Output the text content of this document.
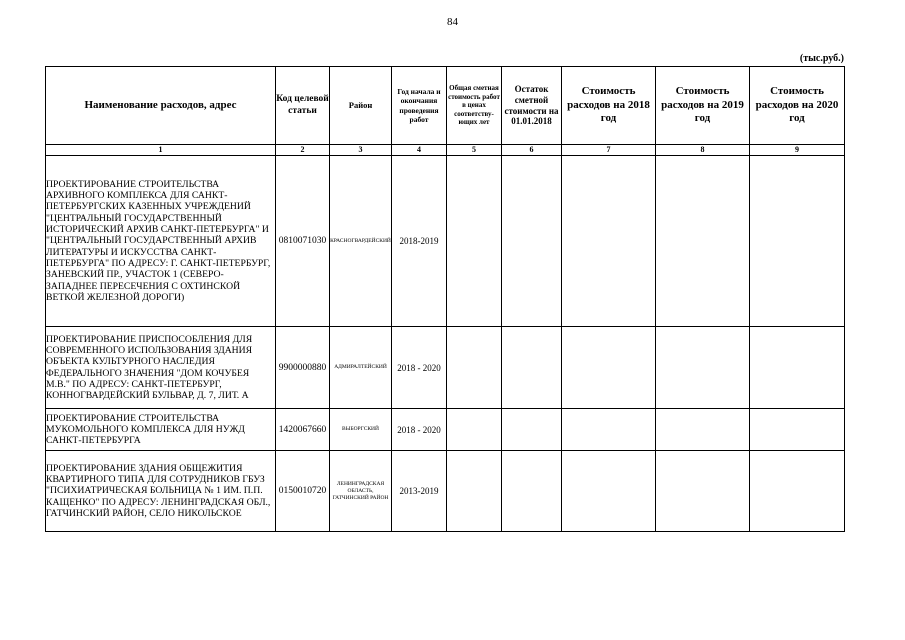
84
(тыс.руб.)
Наименование расходов, адрес	Код целевой статьи	Район	Год начала и окончания проведения работ	Общая сметная стоимость работ в ценах соответству-ющих лет	Остаток сметной стоимости на 01.01.2018	Стоимость расходов на 2018 год	Стоимость расходов на 2019 год	Стоимость расходов на 2020 год
1	2	3	4	5	6	7	8	9
ПРОЕКТИРОВАНИЕ СТРОИТЕЛЬСТВА АРХИВНОГО КОМПЛЕКСА ДЛЯ САНКТ-ПЕТЕРБУРГСКИХ КАЗЕННЫХ УЧРЕЖДЕНИЙ "ЦЕНТРАЛЬНЫЙ ГОСУДАРСТВЕННЫЙ ИСТОРИЧЕСКИЙ АРХИВ САНКТ-ПЕТЕРБУРГА" И "ЦЕНТРАЛЬНЫЙ ГОСУДАРСТВЕННЫЙ АРХИВ ЛИТЕРАТУРЫ И ИСКУССТВА САНКТ-ПЕТЕРБУРГА" ПО АДРЕСУ: Г. САНКТ-ПЕТЕРБУРГ, ЗАНЕВСКИЙ ПР., УЧАСТОК 1 (СЕВЕРО-ЗАПАДНЕЕ ПЕРЕСЕЧЕНИЯ С ОХТИНСКОЙ ВЕТКОЙ ЖЕЛЕЗНОЙ ДОРОГИ)	0810071030	КРАСНОГВАРДЕЙСКИЙ	2018-2019					
ПРОЕКТИРОВАНИЕ ПРИСПОСОБЛЕНИЯ ДЛЯ СОВРЕМЕННОГО ИСПОЛЬЗОВАНИЯ ЗДАНИЯ ОБЪЕКТА КУЛЬТУРНОГО НАСЛЕДИЯ ФЕДЕРАЛЬНОГО ЗНАЧЕНИЯ "ДОМ КОЧУБЕЯ М.В." ПО АДРЕСУ: САНКТ-ПЕТЕРБУРГ, КОННОГВАРДЕЙСКИЙ БУЛЬВАР, Д. 7, ЛИТ. А	9900000880	АДМИРАЛТЕЙСКИЙ	2018 - 2020					
ПРОЕКТИРОВАНИЕ СТРОИТЕЛЬСТВА МУКОМОЛЬНОГО КОМПЛЕКСА ДЛЯ НУЖД САНКТ-ПЕТЕРБУРГА	1420067660	ВЫБОРГСКИЙ	2018 - 2020					
ПРОЕКТИРОВАНИЕ ЗДАНИЯ ОБЩЕЖИТИЯ КВАРТИРНОГО ТИПА ДЛЯ СОТРУДНИКОВ ГБУЗ "ПСИХИАТРИЧЕСКАЯ БОЛЬНИЦА № 1 ИМ. П.П. КАЩЕНКО" ПО АДРЕСУ: ЛЕНИНГРАДСКАЯ ОБЛ., ГАТЧИНСКИЙ РАЙОН, СЕЛО НИКОЛЬСКОЕ	0150010720	ЛЕНИНГРАДСКАЯ ОБЛАСТЬ, ГАТЧИНСКИЙ РАЙОН	2013-2019					
